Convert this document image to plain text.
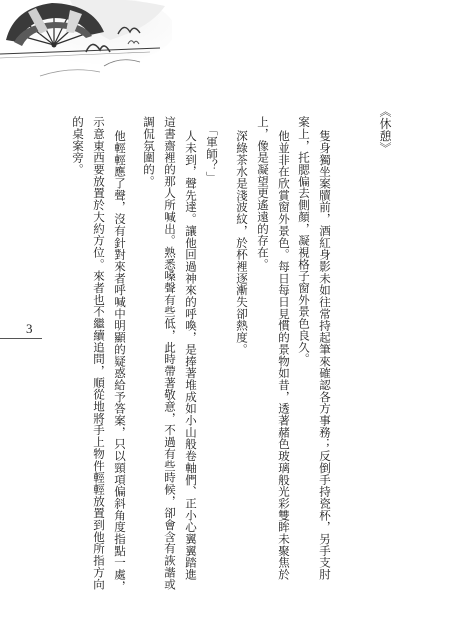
《休憩》
隻身獨坐案牘前，酒紅身影未如往常持起筆來確認各方事務；反倒手持瓷杯，另手支肘
案上，托腮偏去側顏，凝視格子窗外景色良久。
他並非在欣賞窗外景色。每日每日見慣的景物如昔，透著赭色玻璃般光彩雙眸未聚焦於
上，像是凝望更遙遠的存在。
深綠茶水是淺波紋，於杯裡逐漸失卻熱度。
「軍師？」
人未到，聲先達。讓他回過神來的呼喚，是捧著堆成如小山般卷軸們、正小心翼翼踏進
這書齋裡的那人所喊出。熟悉嗓聲有些低，此時帶著敬意，不過有些時候，卻會含有詼諧或
調侃氛圍的。
他輕輕應了聲，沒有針對來者呼喊中明顯的疑惑給予答案，只以頸項偏斜角度指點一處，
示意東西要放置於大約方位。來者也不繼續追問，順從地將手上物件輕輕放置到他所指方向
的桌案旁。
3
